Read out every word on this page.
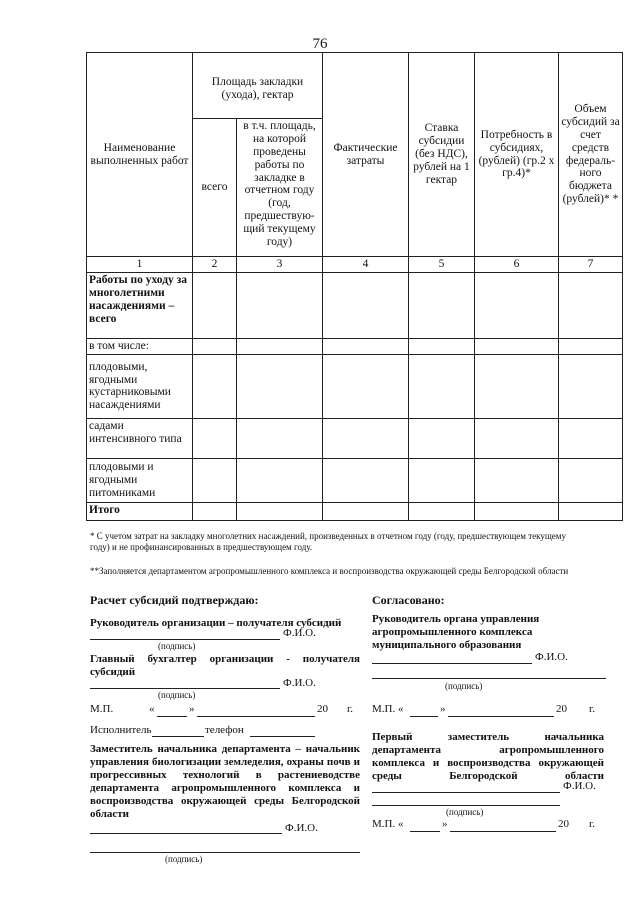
76
Наименование выполненных работ	Площадь закладки (ухода), гектар		Фактические затраты	Ставка субсидии (без НДС), рублей на 1 гектар	Потребность в субсидиях, (рублей) (гр.2 х гр.4)*	Объем субсидий за счет средств федераль-ного бюджета (рублей)* *
	всего	в т.ч. площадь, на которой проведены работы по закладке в отчетном году (год, предшествую-щий текущему году)				
1	2	3	4	5	6	7
Работы по уходу за многолетними насаждениями – всего						
в том числе:						
плодовыми, ягодными кустарниковыми насаждениями						
садами интенсивного типа						
плодовыми и ягодными питомниками						
Итого						
* С учетом затрат на закладку многолетних насаждений, произведенных в отчетном году (году, предшествующем текущему году) и не профинансированных в предшествующем году.
**Заполняется департаментом агропромышленного комплекса и воспроизводства окружающей среды Белгородской области
Расчет субсидий подтверждаю:
Руководитель организации – получателя субсидий
Ф.И.О.
(подпись)
Главный бухгалтер организации - получателя субсидий
Ф.И.О.
(подпись)
М.П.	«	»	20 г.
Исполнитель	телефон
Заместитель начальника департамента – начальник управления биологизации земледелия, охраны почв и прогрессивных технологий в растениеводстве департамента агропромышленного комплекса и воспроизводства окружающей среды Белгородской области
Ф.И.О.
(подпись)
Согласовано:
Руководитель органа управления агропромышленного комплекса муниципального образования
Ф.И.О.
(подпись)
М.П. «	»	20 г.
Первый заместитель начальника департамента агропромышленного комплекса и воспроизводства окружающей среды Белгородской области
Ф.И.О.
(подпись)
М.П. «	»	20 г.
